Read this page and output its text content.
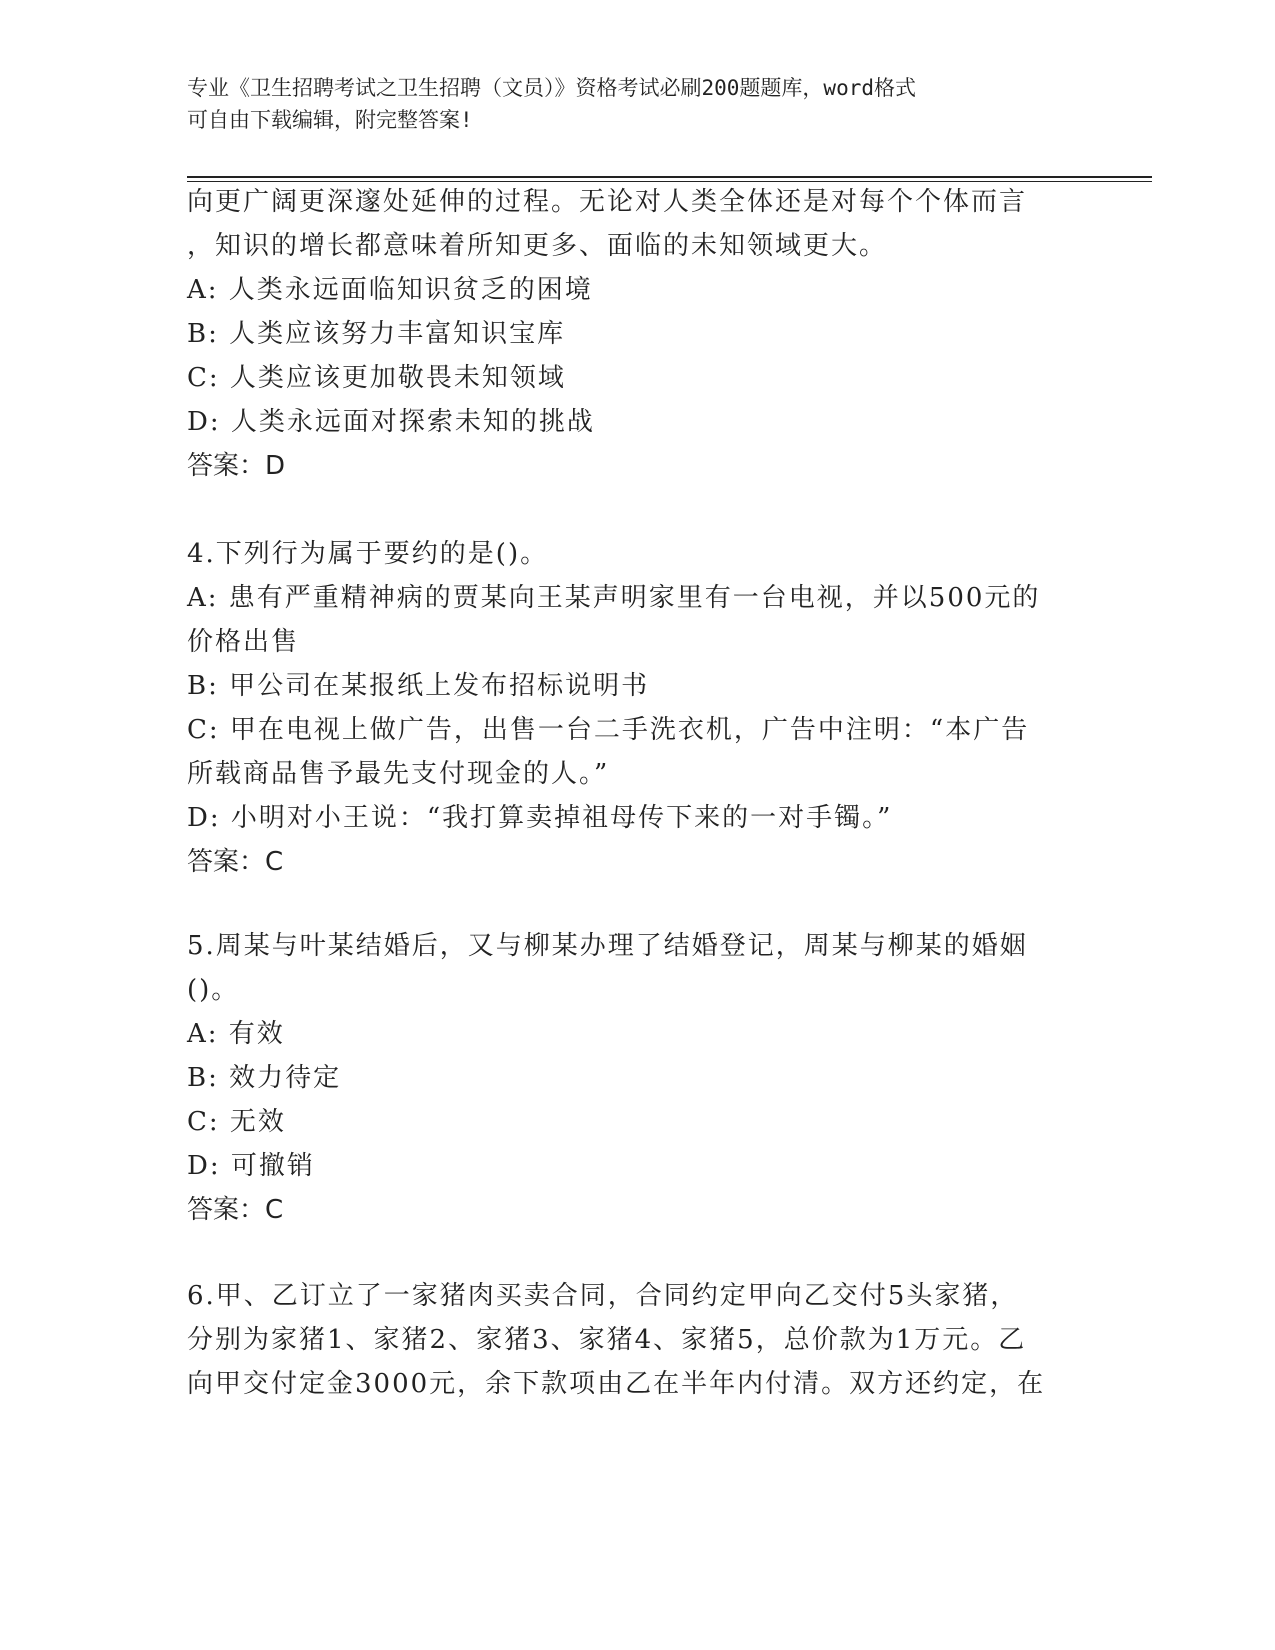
专业《卫生招聘考试之卫生招聘（文员）》资格考试必刷200题题库，word格式
可自由下载编辑，附完整答案!
向更广阔更深邃处延伸的过程。无论对人类全体还是对每个个体而言
，知识的增长都意味着所知更多、面临的未知领域更大。
A: 人类永远面临知识贫乏的困境
B: 人类应该努力丰富知识宝库
C: 人类应该更加敬畏未知领域
D: 人类永远面对探索未知的挑战
答案：D
4.下列行为属于要约的是()。
A: 患有严重精神病的贾某向王某声明家里有一台电视，并以500元的
价格出售
B: 甲公司在某报纸上发布招标说明书
C: 甲在电视上做广告，出售一台二手洗衣机，广告中注明：“本广告
所载商品售予最先支付现金的人。”
D: 小明对小王说：“我打算卖掉祖母传下来的一对手镯。”
答案：C
5.周某与叶某结婚后，又与柳某办理了结婚登记，周某与柳某的婚姻
()。
A: 有效
B: 效力待定
C: 无效
D: 可撤销
答案：C
6.甲、乙订立了一家猪肉买卖合同，合同约定甲向乙交付5头家猪，
分别为家猪1、家猪2、家猪3、家猪4、家猪5，总价款为1万元。乙
向甲交付定金3000元，余下款项由乙在半年内付清。双方还约定，在
